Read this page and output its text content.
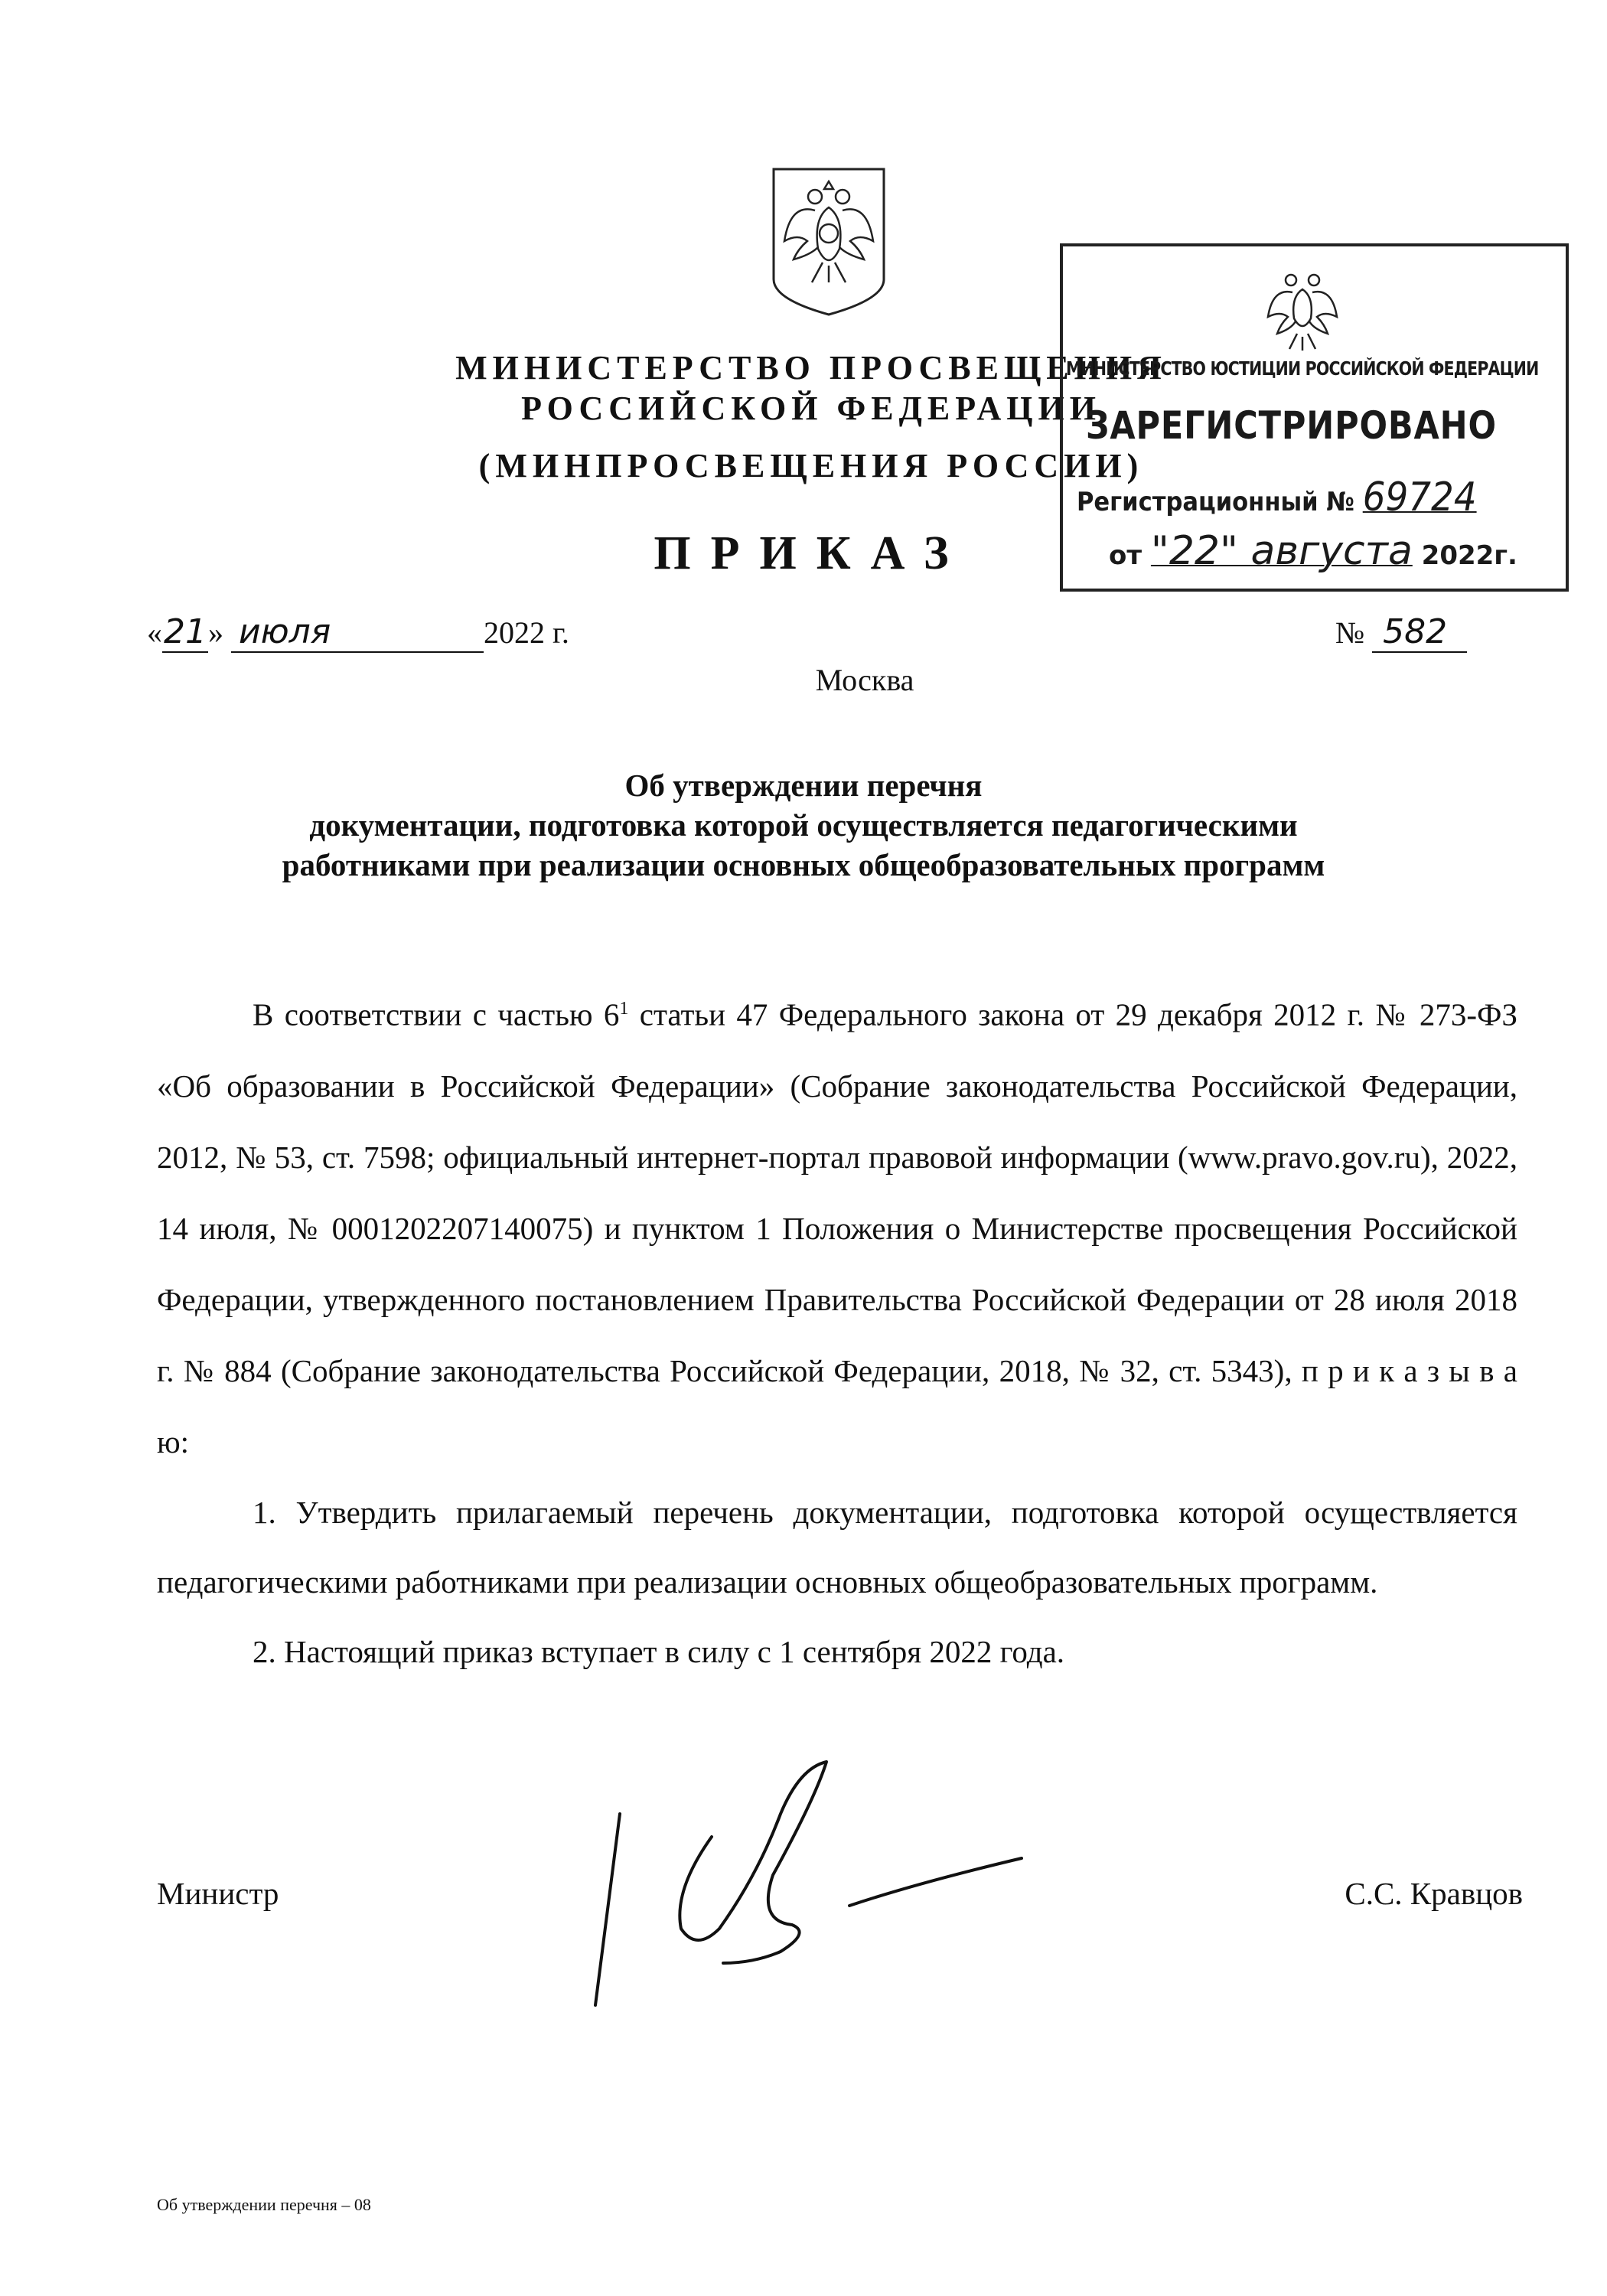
МИНИСТЕРСТВО ПРОСВЕЩЕНИЯ
РОССИЙСКОЙ ФЕДЕРАЦИИ
(МИНПРОСВЕЩЕНИЯ РОССИИ)
ПРИКАЗ
МИНИСТЕРСТВО ЮСТИЦИИ РОССИЙСКОЙ ФЕДЕРАЦИИ
ЗАРЕГИСТРИРОВАНО
Регистрационный № 69724
от "22" августа 2022г.
«21» июля	2022 г.	№ 582
Москва
Об утверждении перечня
документации, подготовка которой осуществляется педагогическими
работниками при реализации основных общеобразовательных программ

В соответствии с частью $6^1$ статьи 47 Федерального закона от 29 декабря 2012 г. № 273-ФЗ «Об образовании в Российской Федерации» (Собрание законодательства Российской Федерации, 2012, № 53, ст. 7598; официальный интернет-портал правовой информации (www.pravo.gov.ru), 2022, 14 июля, № 0001202207140075) и пунктом 1 Положения о Министерстве просвещения Российской Федерации, утвержденного постановлением Правительства Российской Федерации от 28 июля 2018 г. № 884 (Собрание законодательства Российской Федерации, 2018, № 32, ст. 5343), п р и к а з ы в а ю:

1. Утвердить прилагаемый перечень документации, подготовка которой осуществляется педагогическими работниками при реализации основных общеобразовательных программ.

2. Настоящий приказ вступает в силу с 1 сентября 2022 года.

Министр	С.С. Кравцов
Об утверждении перечня – 08
